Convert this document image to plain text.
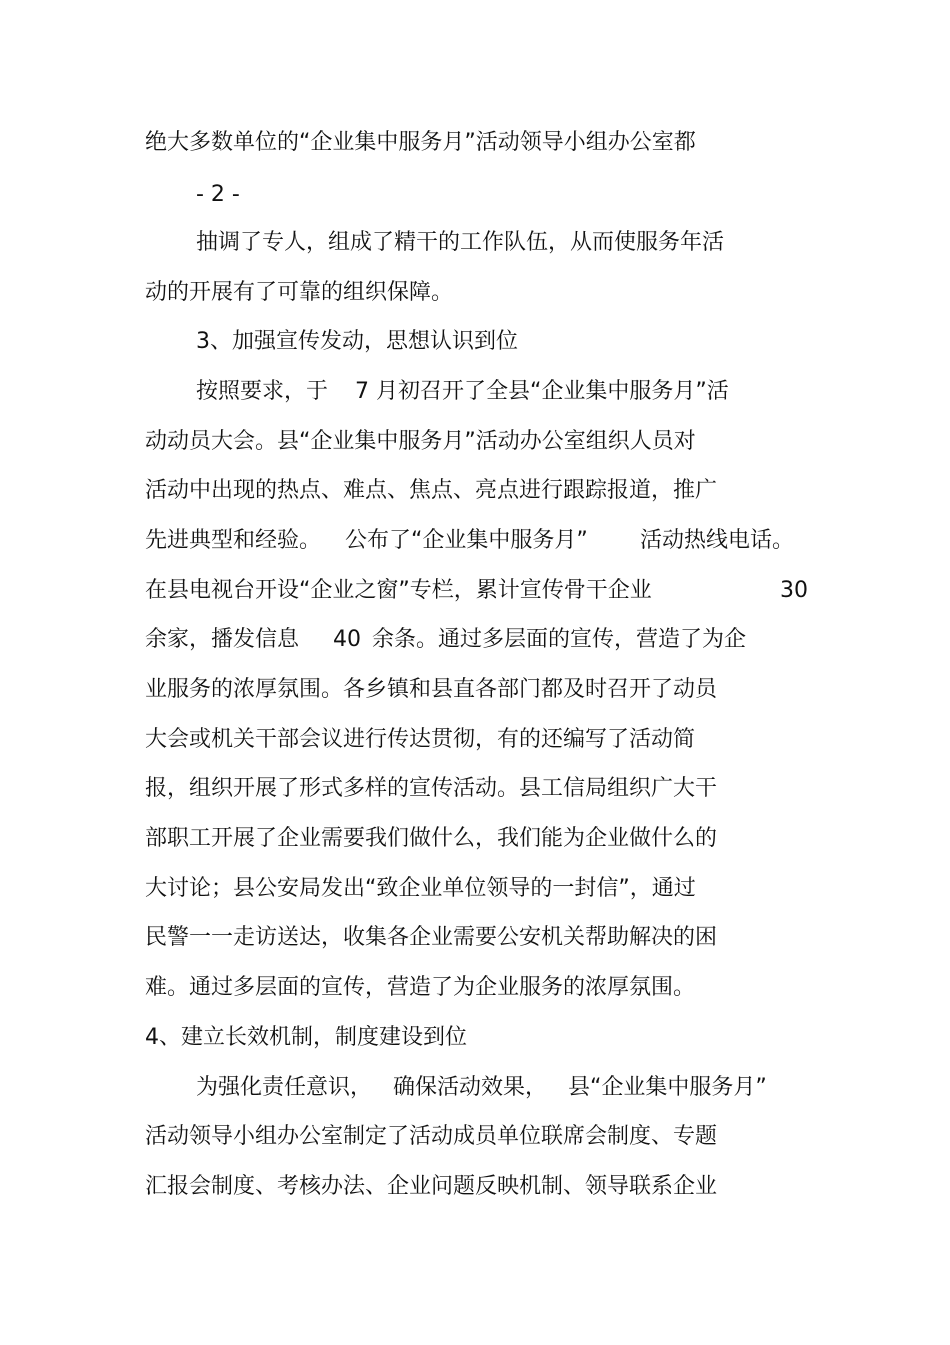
绝大多数单位的“企业集中服务月”活动领导小组办公室都
- 2 -
抽调了专人，组成了精干的工作队伍，从而使服务年活
动的开展有了可靠的组织保障。
3、加强宣传发动，思想认识到位
按照要求，于 7 月初召开了全县“企业集中服务月”活
动动员大会。县“企业集中服务月”活动办公室组织人员对
活动中出现的热点、难点、焦点、亮点进行跟踪报道，推广
先进典型和经验。 公布了“企业集中服务月” 活动热线电话。
在县电视台开设“企业之窗”专栏，累计宣传骨干企业	30
余家，播发信息 40 余条。通过多层面的宣传，营造了为企
业服务的浓厚氛围。各乡镇和县直各部门都及时召开了动员
大会或机关干部会议进行传达贯彻，有的还编写了活动简
报，组织开展了形式多样的宣传活动。县工信局组织广大干
部职工开展了企业需要我们做什么，我们能为企业做什么的
大讨论；县公安局发出“致企业单位领导的一封信”，通过
民警一一走访送达，收集各企业需要公安机关帮助解决的困
难。通过多层面的宣传，营造了为企业服务的浓厚氛围。
4、建立长效机制，制度建设到位
为强化责任意识， 确保活动效果， 县“企业集中服务月”
活动领导小组办公室制定了活动成员单位联席会制度、专题
汇报会制度、考核办法、企业问题反映机制、领导联系企业
